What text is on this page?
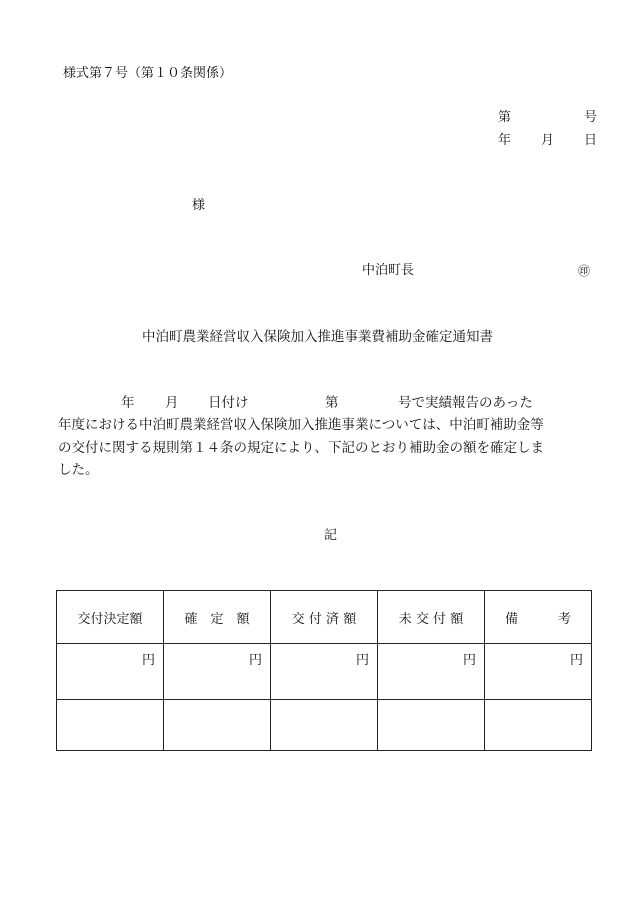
様式第７号（第１０条関係）
第	号
年 月 日
様
中泊町長	㊞
中泊町農業経営収入保険加入推進事業費補助金確定通知書
年 月 日付け	第	号で実績報告のあった
年度における中泊町農業経営収入保険加入推進事業については、中泊町補助金等
の交付に関する規則第１４条の規定により、下記のとおり補助金の額を確定しま
した。
記
交付決定額	確　定　額	交 付 済 額	未 交 付 額	備 考

円	円	円	円	円
